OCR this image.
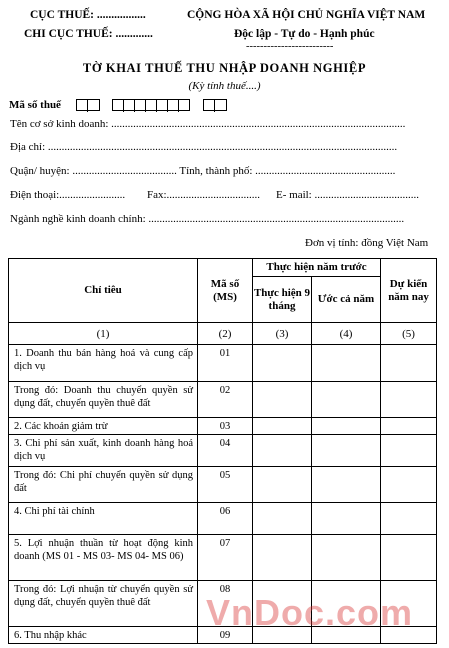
CỤC THUẾ: .................
CHI CỤC THUẾ: .............
CỘNG HÒA XÃ HỘI CHỦ NGHĨA VIỆT NAM
Độc lập - Tự do - Hạnh phúc
-------------------------
TỜ KHAI THUẾ THU NHẬP DOANH NGHIỆP
(Kỳ tính thuế....)
Mã số thuế
Tên cơ sở kinh doanh: ...........................................................................................................
Địa chỉ: ...............................................................................................................................
Quận/ huyện: ...................................... Tỉnh, thành phố: ...................................................
Điện thoại:........................ Fax:.................................. E- mail: ......................................
Ngành nghề kinh doanh chính: .............................................................................................
Đơn vị tính: đồng Việt Nam
Chỉ tiêu	Mã số (MS)	Thực hiện năm trước		Dự kiến năm nay
		Thực hiện 9 tháng	Ước cả năm	
(1)	(2)	(3)	(4)	(5)
1. Doanh thu bán hàng hoá và cung cấp dịch vụ	01			
Trong đó: Doanh thu chuyển quyền sử dụng đất, chuyển quyền thuê đất	02			
2. Các khoản giảm trừ	03			
3. Chi phí sản xuất, kinh doanh hàng hoá dịch vụ	04			
Trong đó: Chi phí chuyển quyền sử dụng đất	05			
4. Chi phí tài chính	06			
5. Lợi nhuận thuần từ hoạt động kinh doanh (MS 01 - MS 03- MS 04- MS 06)	07			
Trong đó: Lợi nhuận từ chuyển quyền sử dụng đất, chuyển quyền thuê đất	08			
6. Thu nhập khác	09			
VnDoc.com
